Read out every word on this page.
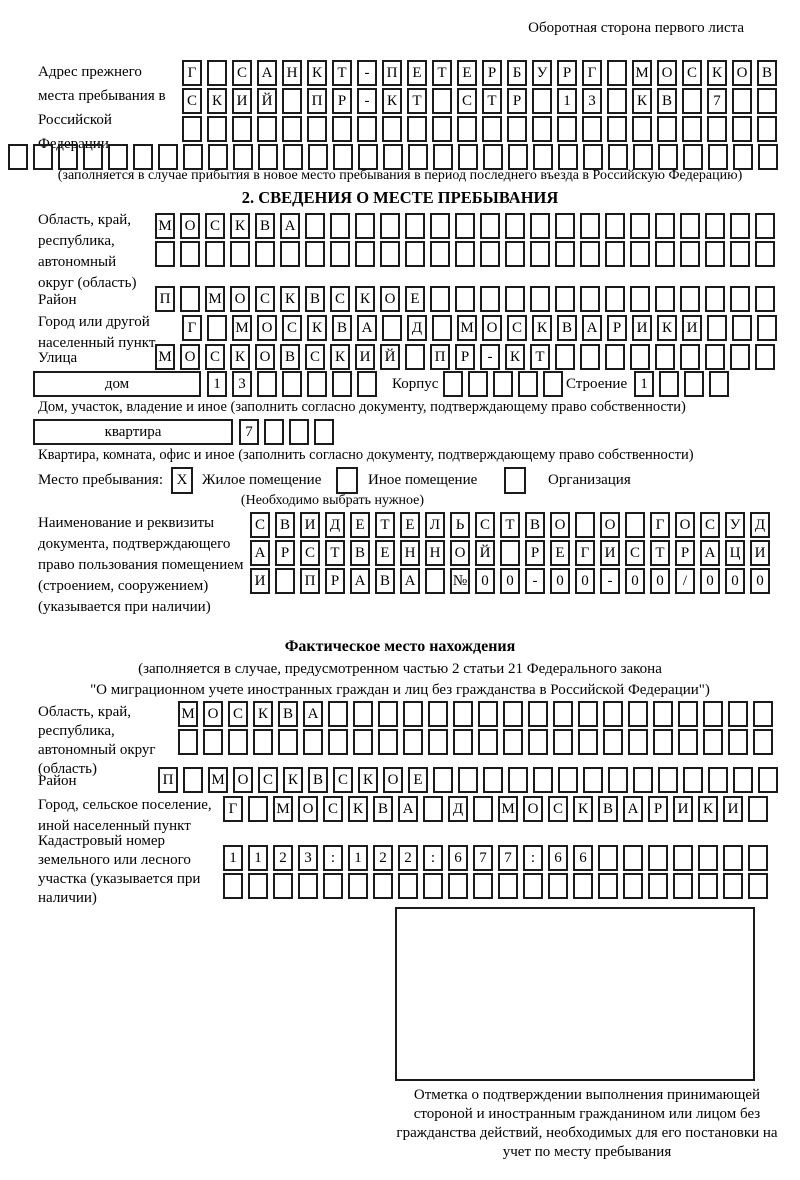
Оборотная сторона первого листа
Адрес прежнего места пребывания в Российской Федерации
Г	С А Н К	Т	-	П Е	Т	Е	Р	Б	У	Р	Г	М О С К О В
С К И Й	П	Р	-	К	Т	С	Т	Р	1	3	К В	7
(заполняется в случае прибытия в новое место пребывания в период последнего въезда в Российскую Федерацию)
2. СВЕДЕНИЯ О МЕСТЕ ПРЕБЫВАНИЯ
Область, край, республика, автономный округ (область)
М О С К В А
Район	П	М О С К В С К О Е
Город или другой населенный пункт
Г	М О С К В А	Д	М О С К В А	Р	И К И
Улица	М О С К О В С К И Й	П	Р	-	К	Т
дом	1	3	Корпус	Строение 1
Дом, участок, владение и иное (заполнить согласно документу, подтверждающему право собственности)
квартира	7
Квартира, комната, офис и иное (заполнить согласно документу, подтверждающему право собственности)
Место пребывания: X Жилое помещение	Иное помещение	Организация
(Необходимо выбрать нужное)
Наименование и реквизиты документа, подтверждающего право пользования помещением (строением, сооружением) (указывается при наличии)
С В И Д	Е	Т	Е	Л	Ь	С	Т	В О	О	Г	О С У Д
А	Р	С	Т	В	Е	Н Н О Й	Р	Е	Г	И С	Т	Р	А Ц И
И	П	Р	А В А	№ 0	0	-	0	0	-	0	0	/	0	0	0
Фактическое место нахождения
(заполняется в случае, предусмотренном частью 2 статьи 21 Федерального закона
"О миграционном учете иностранных граждан и лиц без гражданства в Российской Федерации")
Область, край, республика, автономный округ (область)
М О С К В А
Район	П	М О С К В С К О Е
Город, сельское поселение, иной населенный пункт
Г	М О С К В А	Д	М О С К В А	Р	И К И
Кадастровый номер земельного или лесного участка (указывается при наличии)
1	1	2	3	:	1	2	2	:	6	7	7	:	6	6
Отметка о подтверждении выполнения принимающей стороной и иностранным гражданином или лицом без гражданства действий, необходимых для его постановки на учет по месту пребывания
